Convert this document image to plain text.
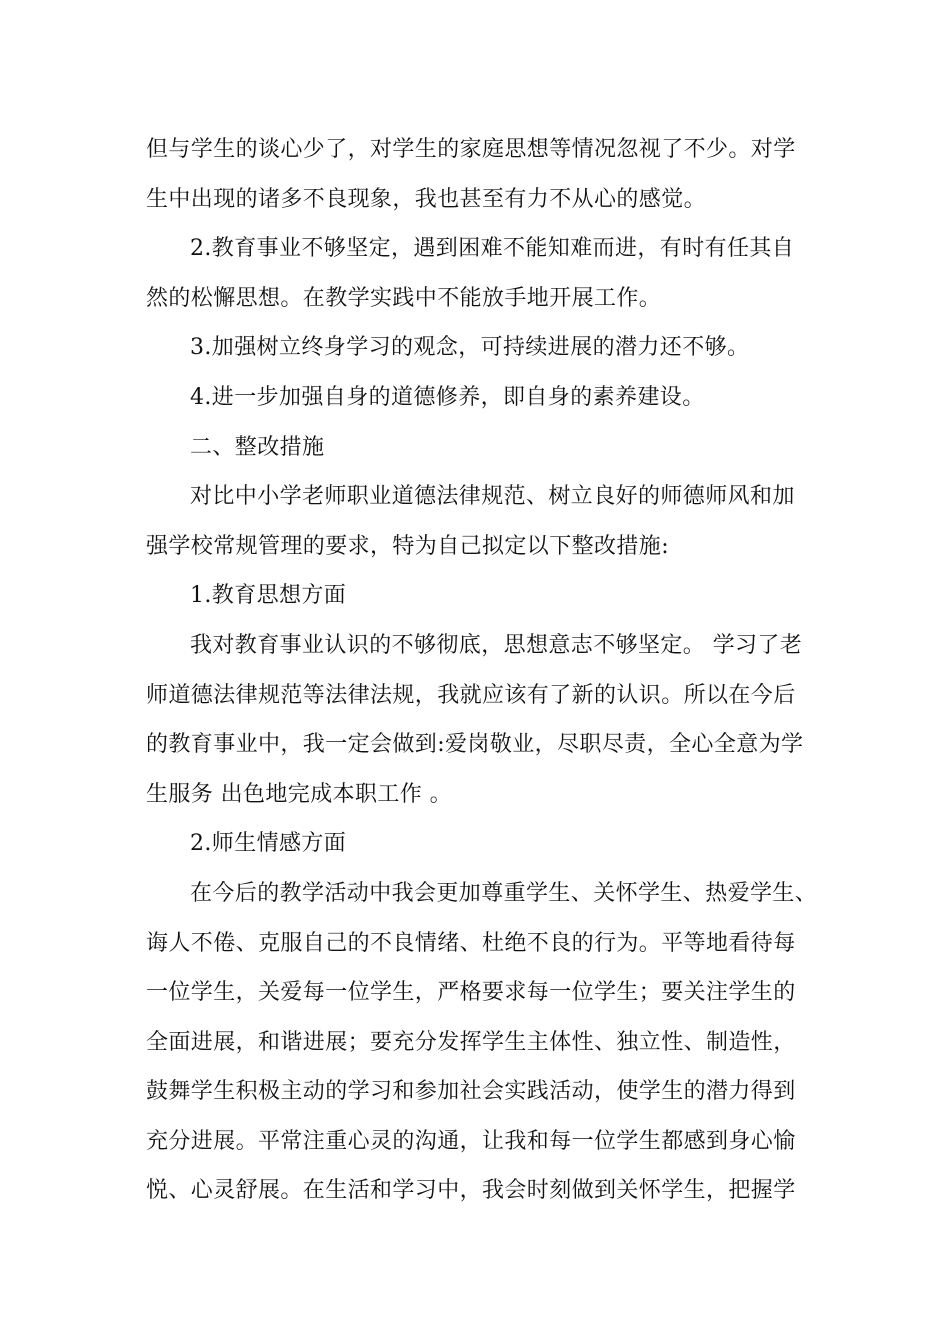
但与学生的谈心少了，对学生的家庭思想等情况忽视了不少。对学
生中出现的诸多不良现象，我也甚至有力不从心的感觉。
2.教育事业不够坚定，遇到困难不能知难而进，有时有任其自
然的松懈思想。在教学实践中不能放手地开展工作。
3.加强树立终身学习的观念，可持续进展的潜力还不够。
4.进一步加强自身的道德修养，即自身的素养建设。
二、整改措施
对比中小学老师职业道德法律规范、树立良好的师德师风和加
强学校常规管理的要求，特为自己拟定以下整改措施:
1.教育思想方面
我对教育事业认识的不够彻底，思想意志不够坚定。 学习了老
师道德法律规范等法律法规，我就应该有了新的认识。所以在今后
的教育事业中，我一定会做到:爱岗敬业，尽职尽责，全心全意为学
生服务 出色地完成本职工作 。
2.师生情感方面
在今后的教学活动中我会更加尊重学生、关怀学生、热爱学生、
诲人不倦、克服自己的不良情绪、杜绝不良的行为。平等地看待每
一位学生，关爱每一位学生，严格要求每一位学生；要关注学生的
全面进展，和谐进展；要充分发挥学生主体性、独立性、制造性，
鼓舞学生积极主动的学习和参加社会实践活动，使学生的潜力得到
充分进展。平常注重心灵的沟通，让我和每一位学生都感到身心愉
悦、心灵舒展。在生活和学习中，我会时刻做到关怀学生，把握学
